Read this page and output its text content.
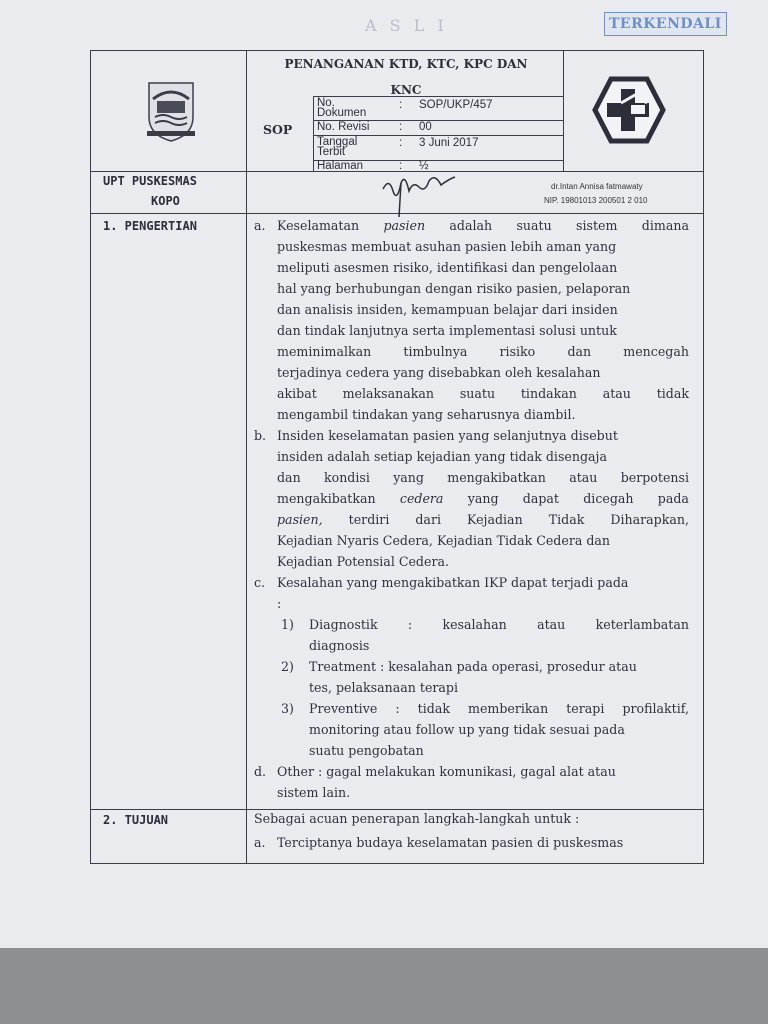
TERKENDALI
A S L I
PENANGANAN KTD, KTC, KPC DAN
KNC
SOP
No.
Dokumen
: SOP/UKP/457
No. Revisi	: 00
Tanggal
Terbit
: 3 Juni 2017
Halaman	: ½
UPT PUSKESMAS
KOPO
dr.Intan Annisa fatmawaty
NIP. 19801013 200501 2 010
1. PENGERTIAN	a. Keselamatan pasien adalah suatu sistem dimana
puskesmas membuat asuhan pasien lebih aman yang
meliputi asesmen risiko, identifikasi dan pengelolaan
hal yang berhubungan dengan risiko pasien, pelaporan
dan analisis insiden, kemampuan belajar dari insiden
dan tindak lanjutnya serta implementasi solusi untuk
meminimalkan	timbulnya	risiko	dan	mencegah
terjadinya cedera yang disebabkan oleh kesalahan
akibat melaksanakan suatu tindakan atau tidak
mengambil tindakan yang seharusnya diambil.
b. Insiden keselamatan pasien yang selanjutnya disebut
insiden adalah setiap kejadian yang tidak disengaja
dan kondisi yang mengakibatkan atau berpotensi
mengakibatkan cedera yang dapat dicegah pada
pasien, terdiri dari Kejadian Tidak Diharapkan,
Kejadian Nyaris Cedera, Kejadian Tidak Cedera dan
Kejadian Potensial Cedera.
c. Kesalahan yang mengakibatkan IKP dapat terjadi pada
:
1) Diagnostik : kesalahan atau keterlambatan
diagnosis
2) Treatment : kesalahan pada operasi, prosedur atau
tes, pelaksanaan terapi
3) Preventive : tidak memberikan terapi profilaktif,
monitoring atau follow up yang tidak sesuai pada
suatu pengobatan
d. Other : gagal melakukan komunikasi, gagal alat atau
sistem lain.
2. TUJUAN	Sebagai acuan penerapan langkah-langkah untuk :
a. Terciptanya budaya keselamatan pasien di puskesmas
